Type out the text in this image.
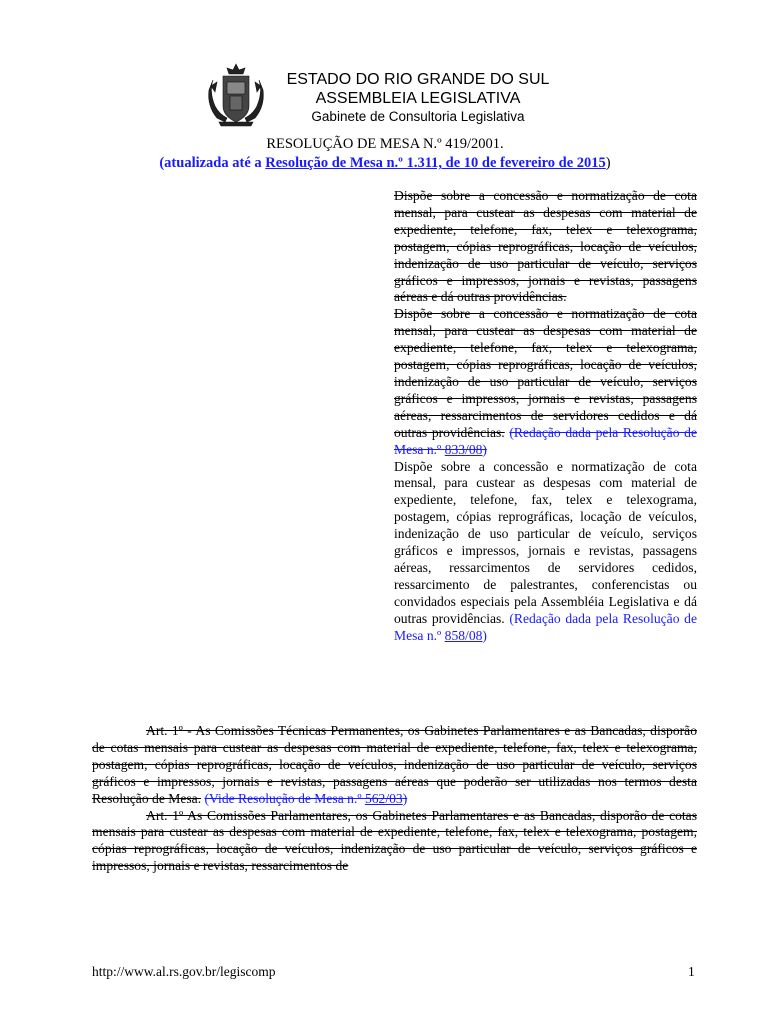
ESTADO DO RIO GRANDE DO SUL
ASSEMBLEIA LEGISLATIVA
Gabinete de Consultoria Legislativa
RESOLUÇÃO DE MESA N.º 419/2001.
(atualizada até a Resolução de Mesa n.º 1.311, de 10 de fevereiro de 2015)

Dispõe sobre a concessão e normatização de cota mensal, para custear as despesas com material de expediente, telefone, fax, telex e telexograma, postagem, cópias reprográficas, locação de veículos, indenização de uso particular de veículo, serviços gráficos e impressos, jornais e revistas, passagens aéreas e dá outras providências.

Dispõe sobre a concessão e normatização de cota mensal, para custear as despesas com material de expediente, telefone, fax, telex e telexograma, postagem, cópias reprográficas, locação de veículos, indenização de uso particular de veículo, serviços gráficos e impressos, jornais e revistas, passagens aéreas, ressarcimentos de servidores cedidos e dá outras providências. (Redação dada pela Resolução de Mesa n.º 833/08)

Dispõe sobre a concessão e normatização de cota mensal, para custear as despesas com material de expediente, telefone, fax, telex e telexograma, postagem, cópias reprográficas, locação de veículos, indenização de uso particular de veículo, serviços gráficos e impressos, jornais e revistas, passagens aéreas, ressarcimentos de servidores cedidos, ressarcimento de palestrantes, conferencistas ou convidados especiais pela Assembléia Legislativa e dá outras providências. (Redação dada pela Resolução de Mesa n.º 858/08)

Art. 1º - As Comissões Técnicas Permanentes, os Gabinetes Parlamentares e as Bancadas, disporão de cotas mensais para custear as despesas com material de expediente, telefone, fax, telex e telexograma, postagem, cópias reprográficas, locação de veículos, indenização de uso particular de veículo, serviços gráficos e impressos, jornais e revistas, passagens aéreas que poderão ser utilizadas nos termos desta Resolução de Mesa. (Vide Resolução de Mesa n.º 562/03)

Art. 1º As Comissões Parlamentares, os Gabinetes Parlamentares e as Bancadas, disporão de cotas mensais para custear as despesas com material de expediente, telefone, fax, telex e telexograma, postagem, cópias reprográficas, locação de veículos, indenização de uso particular de veículo, serviços gráficos e impressos, jornais e revistas, ressarcimentos de

http://www.al.rs.gov.br/legiscomp	1
